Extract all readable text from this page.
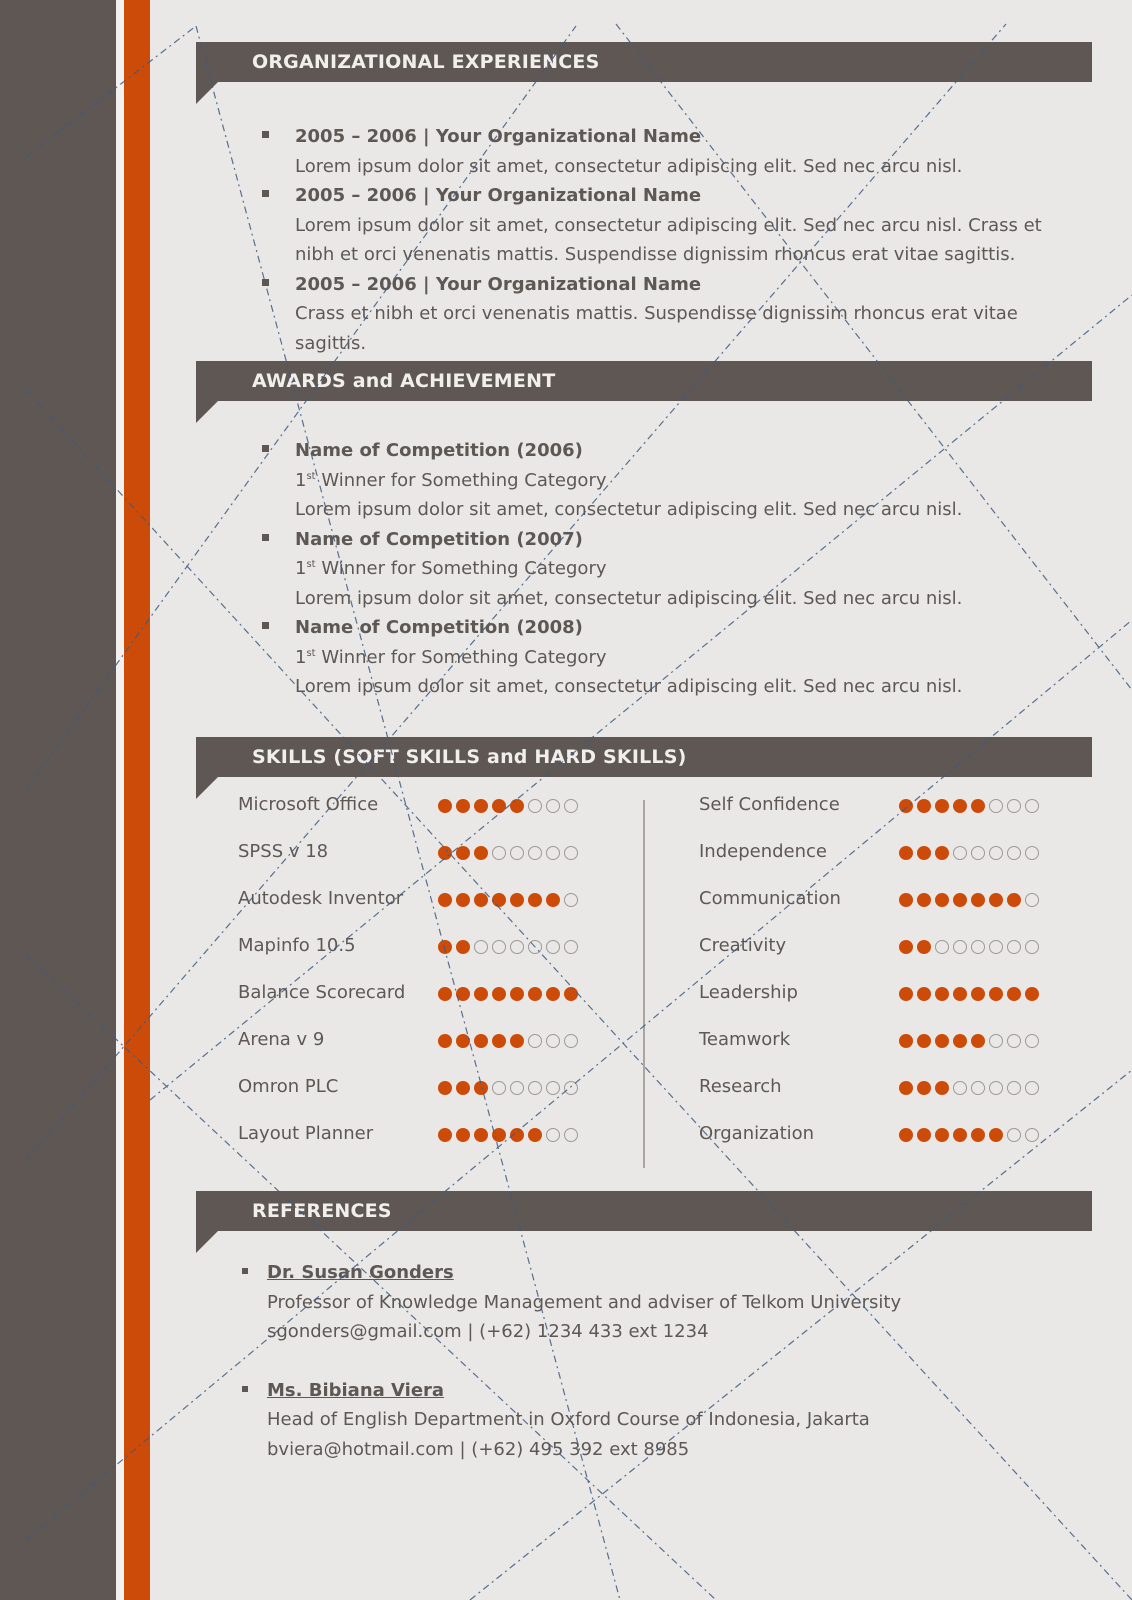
ORGANIZATIONAL EXPERIENCES
2005 – 2006 | Your Organizational Name
Lorem ipsum dolor sit amet, consectetur adipiscing elit. Sed nec arcu nisl.
2005 – 2006 | Your Organizational Name
Lorem ipsum dolor sit amet, consectetur adipiscing elit. Sed nec arcu nisl. Crass et nibh et orci venenatis mattis. Suspendisse dignissim rhoncus erat vitae sagittis.
2005 – 2006 | Your Organizational Name
Crass et nibh et orci venenatis mattis. Suspendisse dignissim rhoncus erat vitae sagittis.
AWARDS and ACHIEVEMENT
Name of Competition (2006)
1st Winner for Something Category
Lorem ipsum dolor sit amet, consectetur adipiscing elit. Sed nec arcu nisl.
Name of Competition (2007)
1st Winner for Something Category
Lorem ipsum dolor sit amet, consectetur adipiscing elit. Sed nec arcu nisl.
Name of Competition (2008)
1st Winner for Something Category
Lorem ipsum dolor sit amet, consectetur adipiscing elit. Sed nec arcu nisl.
SKILLS (SOFT SKILLS and HARD SKILLS)
Microsoft Office
SPSS v 18
Autodesk Inventor
Mapinfo 10.5
Balance Scorecard
Arena v 9
Omron PLC
Layout Planner
Self Confidence
Independence
Communication
Creativity
Leadership
Teamwork
Research
Organization
REFERENCES
Dr. Susan Gonders
Professor of Knowledge Management and adviser of Telkom University
sgonders@gmail.com | (+62) 1234 433 ext 1234
Ms. Bibiana Viera
Head of English Department in Oxford Course of Indonesia, Jakarta
bviera@hotmail.com | (+62) 495 392 ext 8985
